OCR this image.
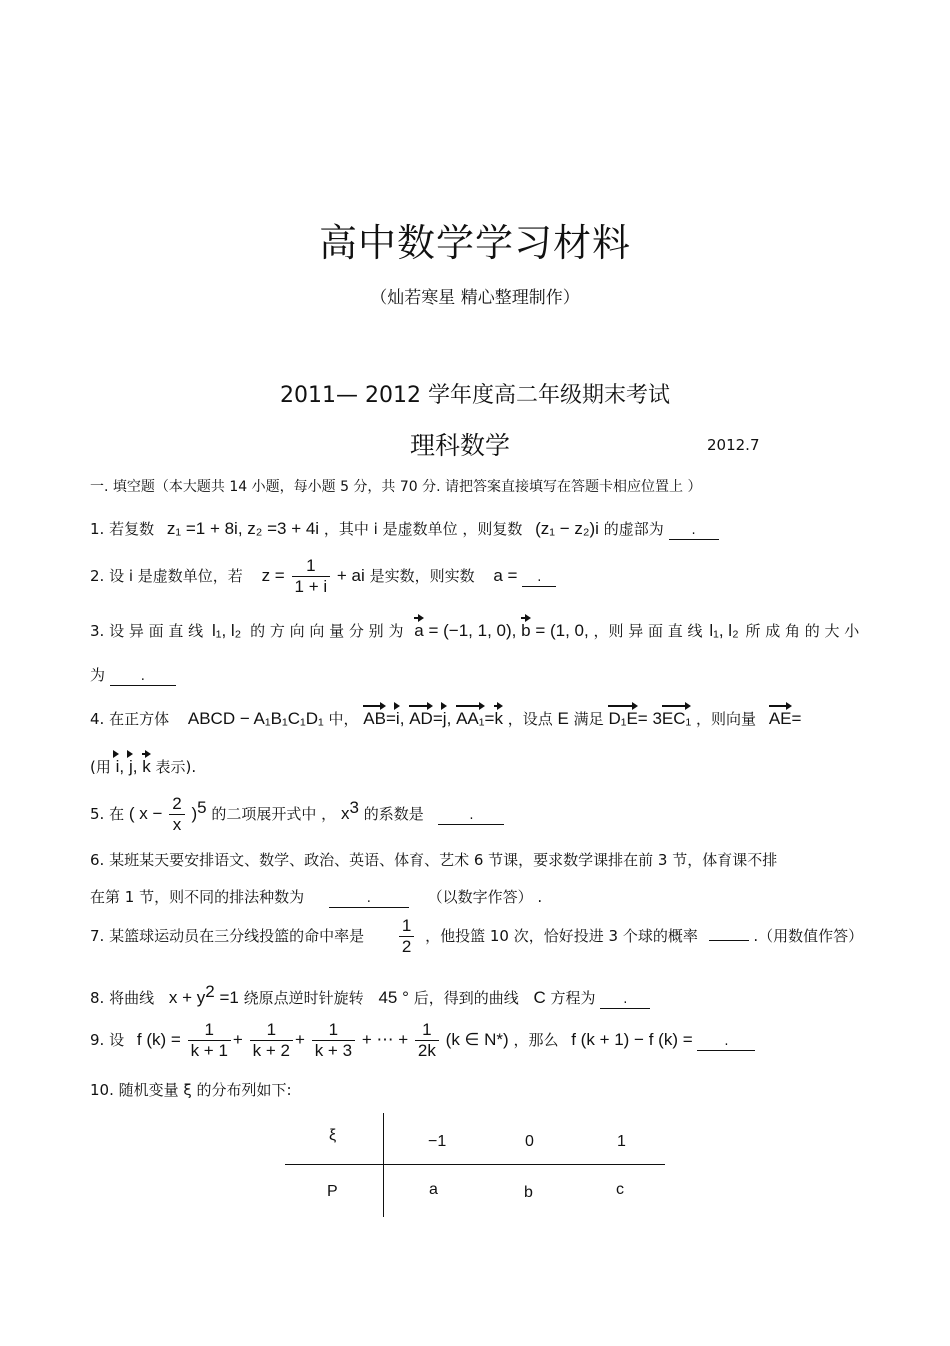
高中数学学习材料
（灿若寒星 精心整理制作）
2011— 2012 学年度高二年级期末考试
理科数学	2012.7
一. 填空题（本大题共 14 小题，每小题 5 分，共 70 分. 请把答案直接填写在答题卡相应位置上 ）
1. 若复数 z₁ =1 + 8i, z₂ =3 + 4i ，其中 i 是虚数单位 ，则复数 (z₁ − z₂)i 的虚部为 .
2. 设 i 是虚数单位，若 $z = \frac{1}{1 + i}$ + ai 是实数，则实数 a = .
3. 设 异 面 直 线 l₁, l₂ 的 方 向 向 量 分 别 为 a = (−1, 1, 0), b = (1, 0, ，则 异 面 直 线 l₁, l₂ 所 成 角 的 大 小
为	.
4. 在正方体 ABCD − A₁B₁C₁D₁ 中， AB=i, AD=j, AA₁=k ，设点 E 满足 D₁E= 3EC₁ ，则向量 AE=
(用 i, j, k 表示).
5. 在 ( $x - \frac{2}{x} )^5$ 的二项展开式中 ， $x^3$ 的系数是	.
6. 某班某天要安排语文、数学、政治、英语、体育、艺术 6 节课，要求数学课排在前 3 节，体育课不排
在第 1 节，则不同的排法种数为	.	（以数字作答） .
7. 某篮球运动员在三分线投篮的命中率是 $\frac{1}{2}$ ，他投篮 10 次，恰好投进 3 个球的概率	.（用数值作答）
8. 将曲线 $x + y^2 =1$ 绕原点逆时针旋转 45 ° 后，得到的曲线 C 方程为 .
9. 设 f $(k) = \frac{1}{k + 1} + \frac{1}{k + 2} + \frac{1}{k + 3}$ + ⋯ + $\frac{1}{2k} (k$ ∈ N*) ，那么 f (k + 1) − f (k) = .
10. 随机变量 ξ 的分布列如下:
ξ	−1	0	1
P	a	b	c
